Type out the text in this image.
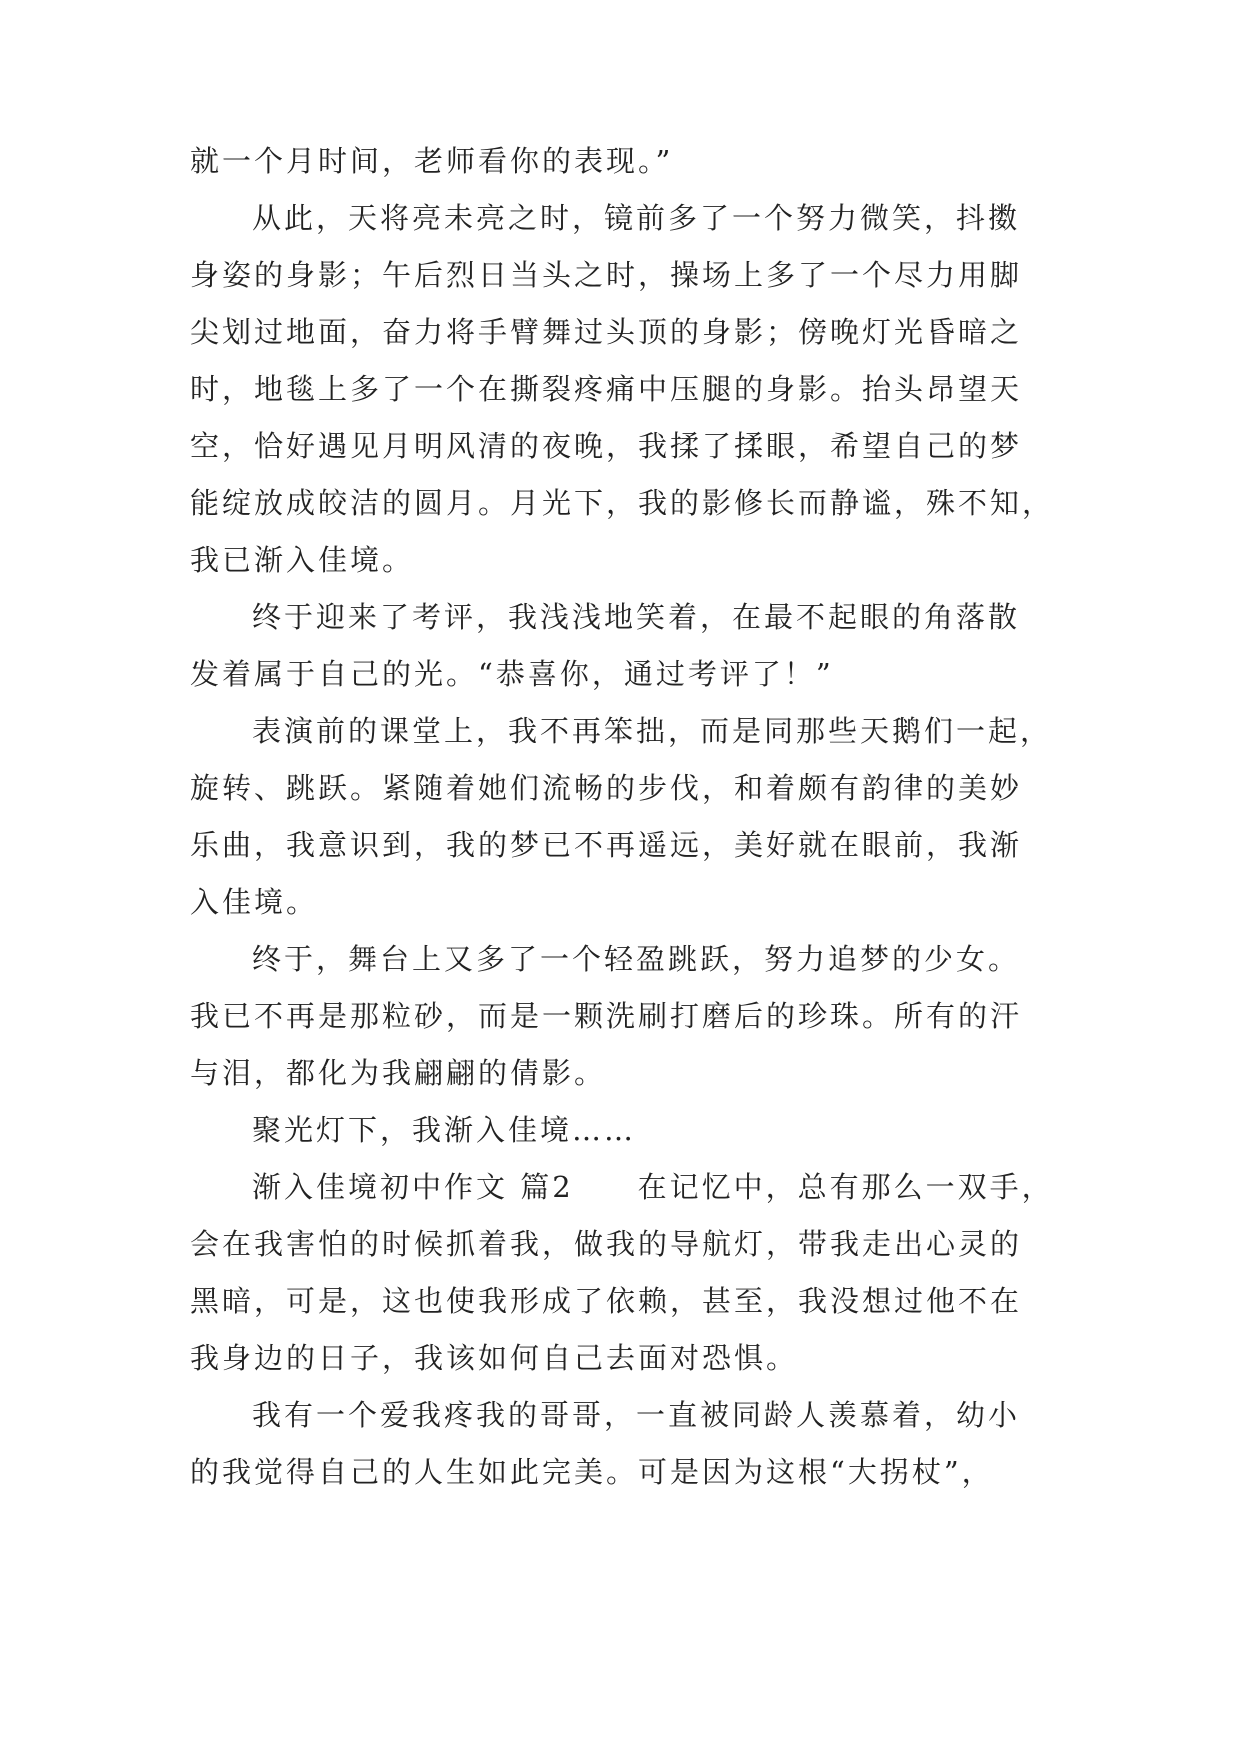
就一个月时间，老师看你的表现。”
从此，天将亮未亮之时，镜前多了一个努力微笑，抖擞
身姿的身影；午后烈日当头之时，操场上多了一个尽力用脚
尖划过地面，奋力将手臂舞过头顶的身影；傍晚灯光昏暗之
时，地毯上多了一个在撕裂疼痛中压腿的身影。抬头昂望天
空，恰好遇见月明风清的夜晚，我揉了揉眼，希望自己的梦
能绽放成皎洁的圆月。月光下，我的影修长而静谧，殊不知，
我已渐入佳境。
终于迎来了考评，我浅浅地笑着，在最不起眼的角落散
发着属于自己的光。“恭喜你，通过考评了！”
表演前的课堂上，我不再笨拙，而是同那些天鹅们一起，
旋转、跳跃。紧随着她们流畅的步伐，和着颇有韵律的美妙
乐曲，我意识到，我的梦已不再遥远，美好就在眼前，我渐
入佳境。
终于，舞台上又多了一个轻盈跳跃，努力追梦的少女。
我已不再是那粒砂，而是一颗洗刷打磨后的珍珠。所有的汗
与泪，都化为我翩翩的倩影。
聚光灯下，我渐入佳境……
渐入佳境初中作文 篇2　　在记忆中，总有那么一双手，
会在我害怕的时候抓着我，做我的导航灯，带我走出心灵的
黑暗，可是，这也使我形成了依赖，甚至，我没想过他不在
我身边的日子，我该如何自己去面对恐惧。
我有一个爱我疼我的哥哥，一直被同龄人羡慕着，幼小
的我觉得自己的人生如此完美。可是因为这根“大拐杖”，
